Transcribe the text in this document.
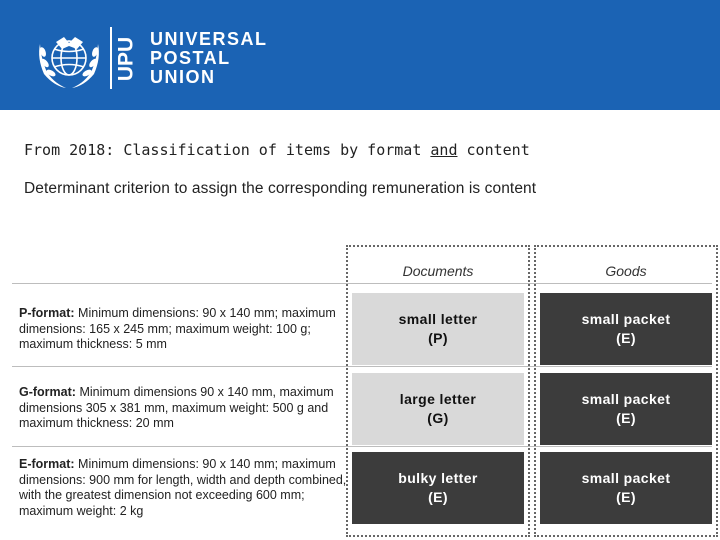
UPU UNIVERSAL
POSTAL
UNION
From 2018: Classification of items by format and content
Determinant criterion to assign the corresponding remuneration is content
Documents	Goods
P-format: Minimum dimensions: 90 x 140 mm; maximum dimensions: 165 x 245 mm; maximum weight: 100 g; maximum thickness: 5 mm
small letter
(P)
small packet
(E)
G-format: Minimum dimensions 90 x 140 mm, maximum dimensions 305 x 381 mm, maximum weight: 500 g and maximum thickness: 20 mm
large letter
(G)
small packet
(E)
E-format: Minimum dimensions: 90 x 140 mm; maximum dimensions: 900 mm for length, width and depth combined, with the greatest dimension not exceeding 600 mm; maximum weight: 2 kg
bulky letter
(E)
small packet
(E)
